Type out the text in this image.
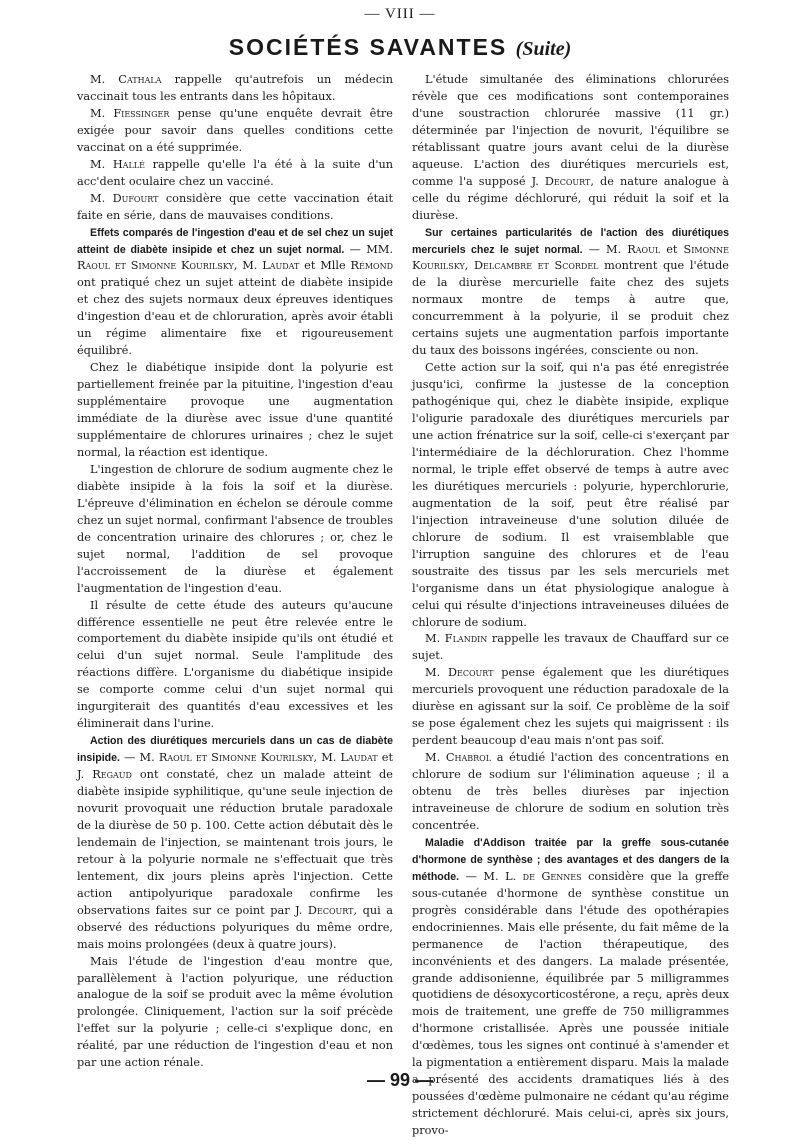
— VIII —
SOCIÉTÉS SAVANTES (Suite)

M. Cathala rappelle qu'autrefois un médecin vaccinait tous les entrants dans les hôpitaux.

M. Fiessinger pense qu'une enquête devrait être exigée pour savoir dans quelles conditions cette vaccinat on a été supprimée.

M. Hallé rappelle qu'elle l'a été à la suite d'un acc'dent oculaire chez un vacciné.

M. Dufourt considère que cette vaccination était faite en série, dans de mauvaises conditions.

Effets comparés de l'ingestion d'eau et de sel chez un sujet atteint de diabète insipide et chez un sujet normal. — MM. Raoul et Simonne Kourilsky, M. Laudat et Mlle Rémond ont pratiqué chez un sujet atteint de diabète insipide et chez des sujets normaux deux épreuves identiques d'ingestion d'eau et de chloruration, après avoir établi un régime alimentaire fixe et rigoureusement équilibré.

Chez le diabétique insipide dont la polyurie est partiellement freinée par la pituitine, l'ingestion d'eau supplémentaire provoque une augmentation immédiate de la diurèse avec issue d'une quantité supplémentaire de chlorures urinaires ; chez le sujet normal, la réaction est identique.

L'ingestion de chlorure de sodium augmente chez le diabète insipide à la fois la soif et la diurèse. L'épreuve d'élimination en échelon se déroule comme chez un sujet normal, confirmant l'absence de troubles de concentration urinaire des chlorures ; or, chez le sujet normal, l'addition de sel provoque l'accroissement de la diurèse et également l'augmentation de l'ingestion d'eau.

Il résulte de cette étude des auteurs qu'aucune différence essentielle ne peut être relevée entre le comportement du diabète insipide qu'ils ont étudié et celui d'un sujet normal. Seule l'amplitude des réactions diffère. L'organisme du diabétique insipide se comporte comme celui d'un sujet normal qui ingurgiterait des quantités d'eau excessives et les éliminerait dans l'urine.

Action des diurétiques mercuriels dans un cas de diabète insipide. — M. Raoul et Simonne Kourilsky, M. Laudat et J. Regaud ont constaté, chez un malade atteint de diabète insipide syphilitique, qu'une seule injection de novurit provoquait une réduction brutale paradoxale de la diurèse de 50 p. 100. Cette action débutait dès le lendemain de l'injection, se maintenant trois jours, le retour à la polyurie normale ne s'effectuait que très lentement, dix jours pleins après l'injection. Cette action antipolyurique paradoxale confirme les observations faites sur ce point par J. Decourt, qui a observé des réductions polyuriques du même ordre, mais moins prolongées (deux à quatre jours).

Mais l'étude de l'ingestion d'eau montre que, parallèlement à l'action polyurique, une réduction analogue de la soif se produit avec la même évolution prolongée. Cliniquement, l'action sur la soif précède l'effet sur la polyurie ; celle-ci s'explique donc, en réalité, par une réduction de l'ingestion d'eau et non par une action rénale.

L'étude simultanée des éliminations chlorurées révèle que ces modifications sont contemporaines d'une soustraction chlorurée massive (11 gr.) déterminée par l'injection de novurit, l'équilibre se rétablissant quatre jours avant celui de la diurèse aqueuse. L'action des diurétiques mercuriels est, comme l'a supposé J. Decourt, de nature analogue à celle du régime déchloruré, qui réduit la soif et la diurèse.

Sur certaines particularités de l'action des diurétiques mercuriels chez le sujet normal. — M. Raoul et Simonne Kourilsky, Delcambre et Scordel montrent que l'étude de la diurèse mercurielle faite chez des sujets normaux montre de temps à autre que, concurremment à la polyurie, il se produit chez certains sujets une augmentation parfois importante du taux des boissons ingérées, consciente ou non.

Cette action sur la soif, qui n'a pas été enregistrée jusqu'ici, confirme la justesse de la conception pathogénique qui, chez le diabète insipide, explique l'oligurie paradoxale des diurétiques mercuriels par une action frénatrice sur la soif, celle-ci s'exerçant par l'intermédiaire de la déchloruration. Chez l'homme normal, le triple effet observé de temps à autre avec les diurétiques mercuriels : polyurie, hyperchlorurie, augmentation de la soif, peut être réalisé par l'injection intraveineuse d'une solution diluée de chlorure de sodium. Il est vraisemblable que l'irruption sanguine des chlorures et de l'eau soustraite des tissus par les sels mercuriels met l'organisme dans un état physiologique analogue à celui qui résulte d'injections intraveineuses diluées de chlorure de sodium.

M. Flandin rappelle les travaux de Chauffard sur ce sujet.

M. Decourt pense également que les diurétiques mercuriels provoquent une réduction paradoxale de la diurèse en agissant sur la soif. Ce problème de la soif se pose également chez les sujets qui maigrissent : ils perdent beaucoup d'eau mais n'ont pas soif.

M. Chabrol a étudié l'action des concentrations en chlorure de sodium sur l'élimination aqueuse ; il a obtenu de très belles diurèses par injection intraveineuse de chlorure de sodium en solution très concentrée.

Maladie d'Addison traitée par la greffe sous-cutanée d'hormone de synthèse ; des avantages et des dangers de la méthode. — M. L. de Gennes considère que la greffe sous-cutanée d'hormone de synthèse constitue un progrès considérable dans l'étude des opothérapies endocriniennes. Mais elle présente, du fait même de la permanence de l'action thérapeutique, des inconvénients et des dangers. La malade présentée, grande addisonienne, équilibrée par 5 milligrammes quotidiens de désoxycorticostérone, a reçu, après deux mois de traitement, une greffe de 750 milligrammes d'hormone cristallisée. Après une poussée initiale d'œdèmes, tous les signes ont continué à s'amender et la pigmentation a entièrement disparu. Mais la malade a présenté des accidents dramatiques liés à des poussées d'œdème pulmonaire ne cédant qu'au régime strictement déchloruré. Mais celui-ci, après six jours, provo-

— 99 —
